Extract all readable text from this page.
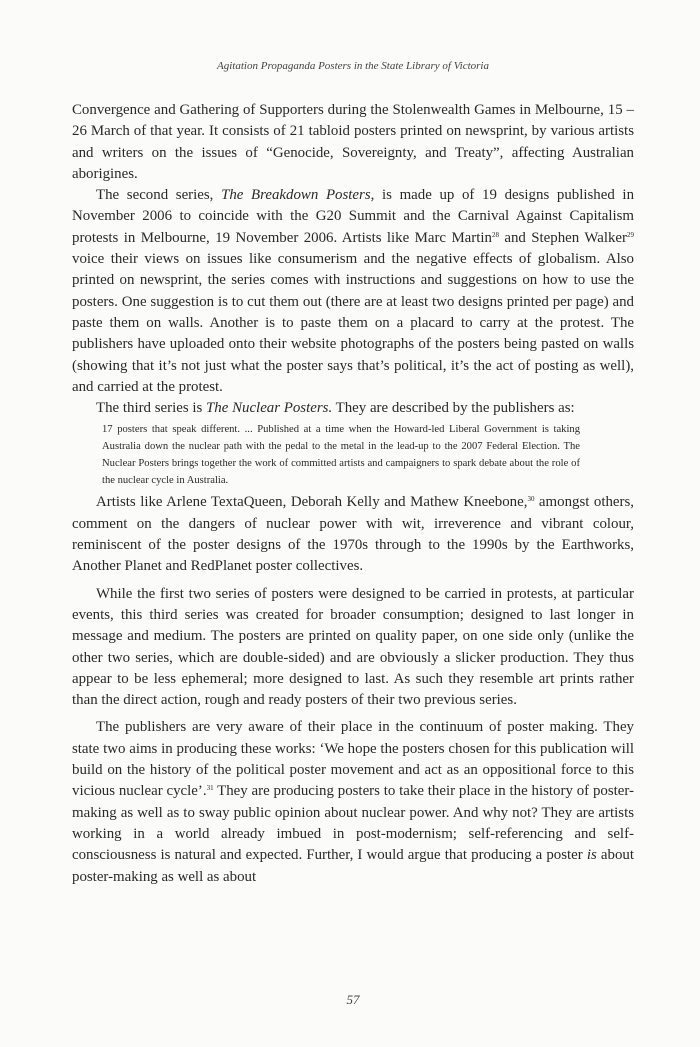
Agitation Propaganda Posters in the State Library of Victoria

Convergence and Gathering of Supporters during the Stolenwealth Games in Melbourne, 15 – 26 March of that year. It consists of 21 tabloid posters printed on newsprint, by various artists and writers on the issues of “Genocide, Sovereignty, and Treaty”, affecting Australian aborigines.

The second series, The Breakdown Posters, is made up of 19 designs published in November 2006 to coincide with the G20 Summit and the Carnival Against Capitalism protests in Melbourne, 19 November 2006. Artists like Marc Martin$^{28}$ and Stephen Walker$^{29}$ voice their views on issues like consumerism and the negative effects of globalism. Also printed on newsprint, the series comes with instructions and suggestions on how to use the posters. One suggestion is to cut them out (there are at least two designs printed per page) and paste them on walls. Another is to paste them on a placard to carry at the protest. The publishers have uploaded onto their website photographs of the posters being pasted on walls (showing that it’s not just what the poster says that’s political, it’s the act of posting as well), and carried at the protest.

The third series is The Nuclear Posters. They are described by the publishers as:

17 posters that speak different. ... Published at a time when the Howard-led Liberal Government is taking Australia down the nuclear path with the pedal to the metal in the lead-up to the 2007 Federal Election. The Nuclear Posters brings together the work of committed artists and campaigners to spark debate about the role of the nuclear cycle in Australia.

Artists like Arlene TextaQueen, Deborah Kelly and Mathew Kneebone,$^{30}$ amongst others, comment on the dangers of nuclear power with wit, irreverence and vibrant colour, reminiscent of the poster designs of the 1970s through to the 1990s by the Earthworks, Another Planet and RedPlanet poster collectives.

While the first two series of posters were designed to be carried in protests, at particular events, this third series was created for broader consumption; designed to last longer in message and medium. The posters are printed on quality paper, on one side only (unlike the other two series, which are double-sided) and are obviously a slicker production. They thus appear to be less ephemeral; more designed to last. As such they resemble art prints rather than the direct action, rough and ready posters of their two previous series.

The publishers are very aware of their place in the continuum of poster making. They state two aims in producing these works: ‘We hope the posters chosen for this publication will build on the history of the political poster movement and act as an oppositional force to this vicious nuclear cycle’.$^{31}$ They are producing posters to take their place in the history of poster-making as well as to sway public opinion about nuclear power. And why not? They are artists working in a world already imbued in post-modernism; self-referencing and self-consciousness is natural and expected. Further, I would argue that producing a poster is about poster-making as well as about

57
